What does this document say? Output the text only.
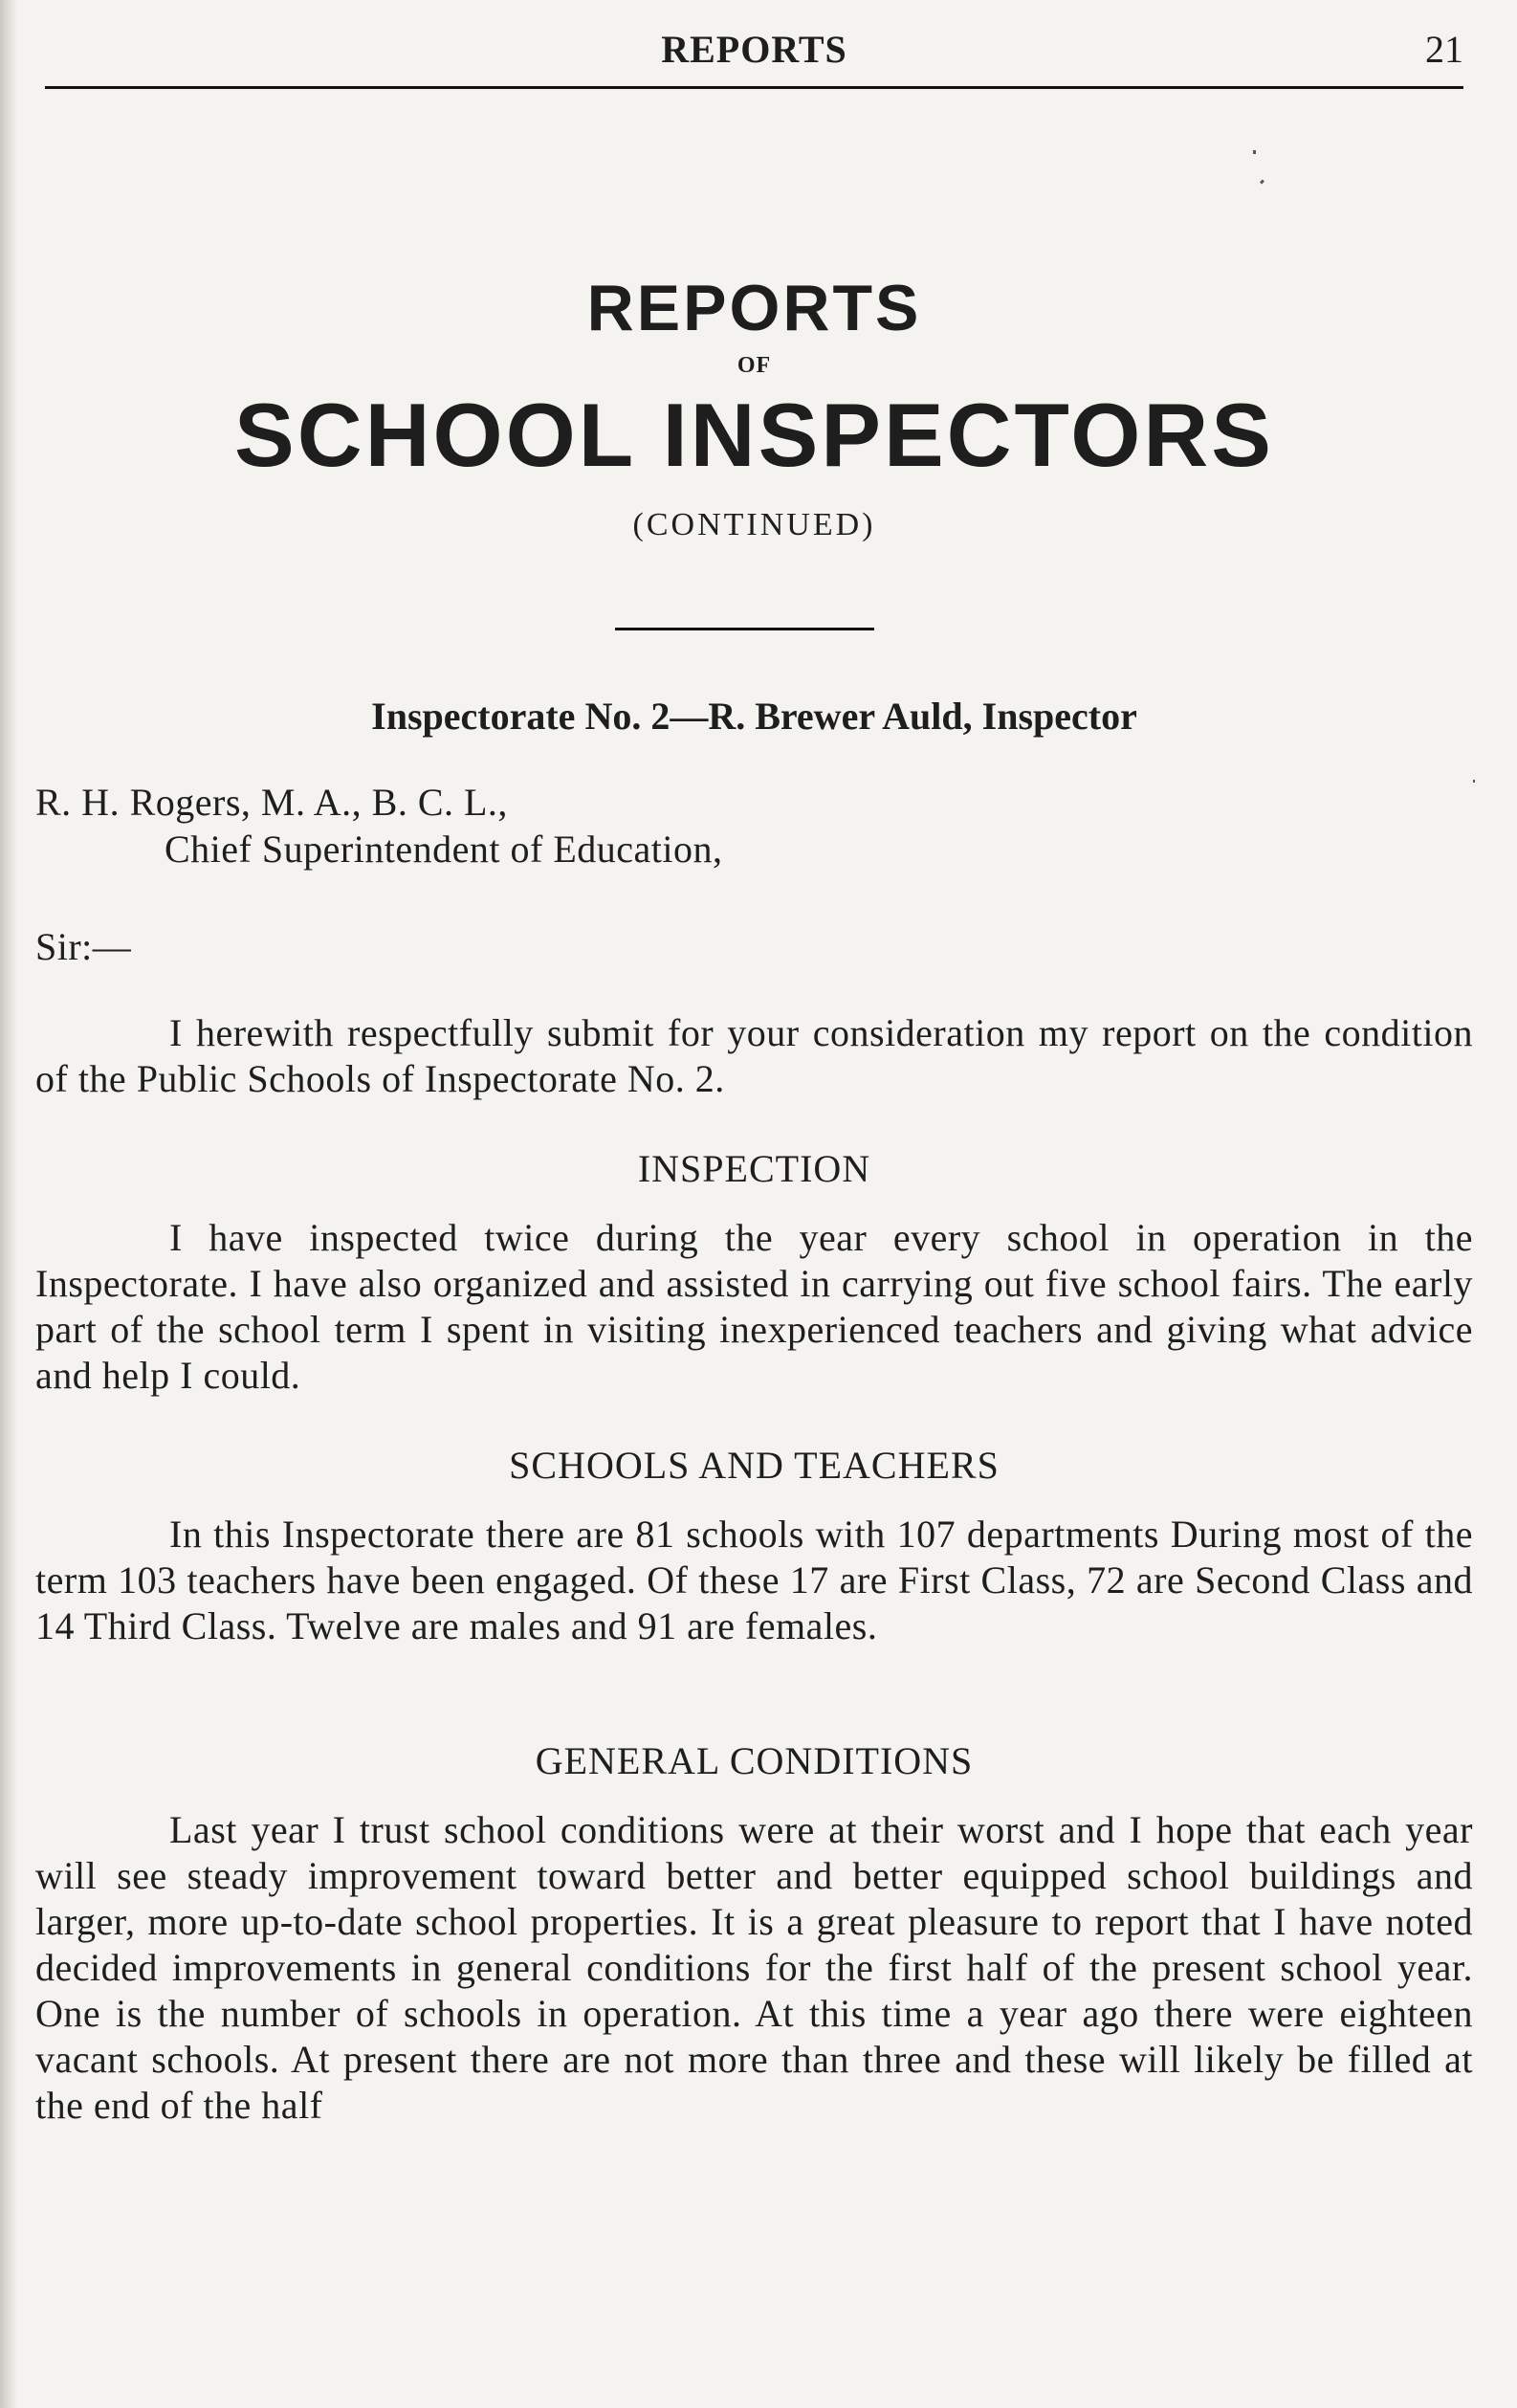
REPORTS	21
REPORTS
OF
SCHOOL INSPECTORS
(CONTINUED)
Inspectorate No. 2—R. Brewer Auld, Inspector
R. H. Rogers, M. A., B. C. L.,
Chief Superintendent of Education,
Sir:—

I herewith respectfully submit for your consideration my report on the condition of the Public Schools of Inspectorate No. 2.

INSPECTION

I have inspected twice during the year every school in operation in the Inspectorate. I have also organized and assisted in carrying out five school fairs. The early part of the school term I spent in visiting inexperienced teachers and giving what advice and help I could.

SCHOOLS AND TEACHERS

In this Inspectorate there are 81 schools with 107 departments During most of the term 103 teachers have been engaged. Of these 17 are First Class, 72 are Second Class and 14 Third Class. Twelve are males and 91 are females.

GENERAL CONDITIONS

Last year I trust school conditions were at their worst and I hope that each year will see steady improvement toward better and better equipped school buildings and larger, more up-to-date school properties. It is a great pleasure to report that I have noted decided improvements in general conditions for the first half of the present school year. One is the number of schools in operation. At this time a year ago there were eighteen vacant schools. At present there are not more than three and these will likely be filled at the end of the half
